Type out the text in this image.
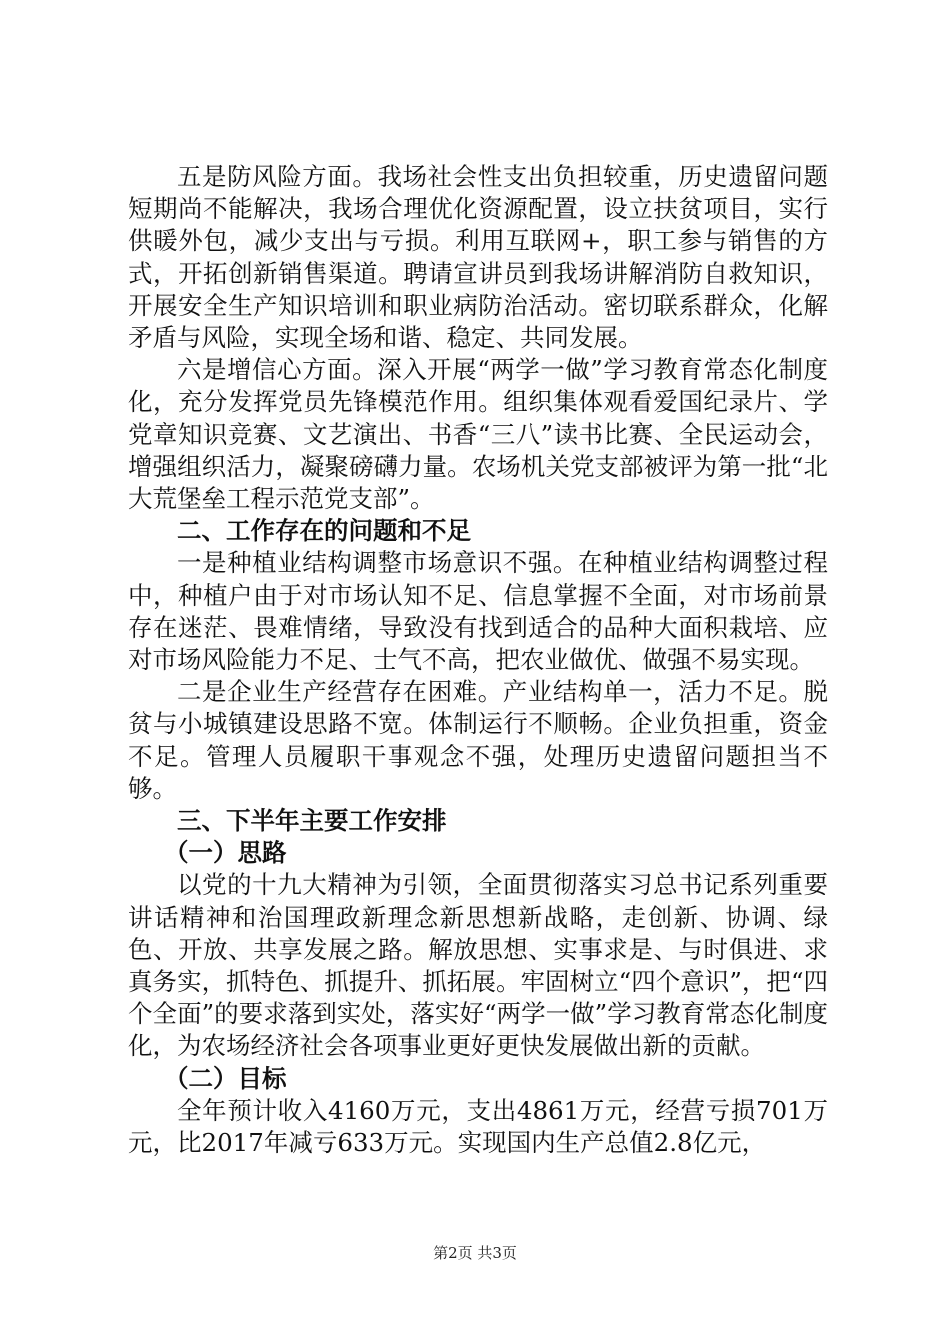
五是防风险方面。我场社会性支出负担较重，历史遗留问题短期尚不能解决，我场合理优化资源配置，设立扶贫项目，实行供暖外包，减少支出与亏损。利用互联网+，职工参与销售的方式，开拓创新销售渠道。聘请宣讲员到我场讲解消防自救知识，开展安全生产知识培训和职业病防治活动。密切联系群众，化解矛盾与风险，实现全场和谐、稳定、共同发展。

六是增信心方面。深入开展“两学一做”学习教育常态化制度化，充分发挥党员先锋模范作用。组织集体观看爱国纪录片、学党章知识竞赛、文艺演出、书香“三八”读书比赛、全民运动会，增强组织活力，凝聚磅礴力量。农场机关党支部被评为第一批“北大荒堡垒工程示范党支部”。

二、工作存在的问题和不足

一是种植业结构调整市场意识不强。在种植业结构调整过程中，种植户由于对市场认知不足、信息掌握不全面，对市场前景存在迷茫、畏难情绪，导致没有找到适合的品种大面积栽培、应对市场风险能力不足、士气不高，把农业做优、做强不易实现。

二是企业生产经营存在困难。产业结构单一，活力不足。脱贫与小城镇建设思路不宽。体制运行不顺畅。企业负担重，资金不足。管理人员履职干事观念不强，处理历史遗留问题担当不够。

三、下半年主要工作安排

（一）思路

以党的十九大精神为引领，全面贯彻落实习总书记系列重要讲话精神和治国理政新理念新思想新战略，走创新、协调、绿色、开放、共享发展之路。解放思想、实事求是、与时俱进、求真务实，抓特色、抓提升、抓拓展。牢固树立“四个意识”，把“四个全面”的要求落到实处，落实好“两学一做”学习教育常态化制度化，为农场经济社会各项事业更好更快发展做出新的贡献。

（二）目标

全年预计收入4160万元，支出4861万元，经营亏损701万元，比2017年减亏633万元。实现国内生产总值2.8亿元，

第2页 共3页
